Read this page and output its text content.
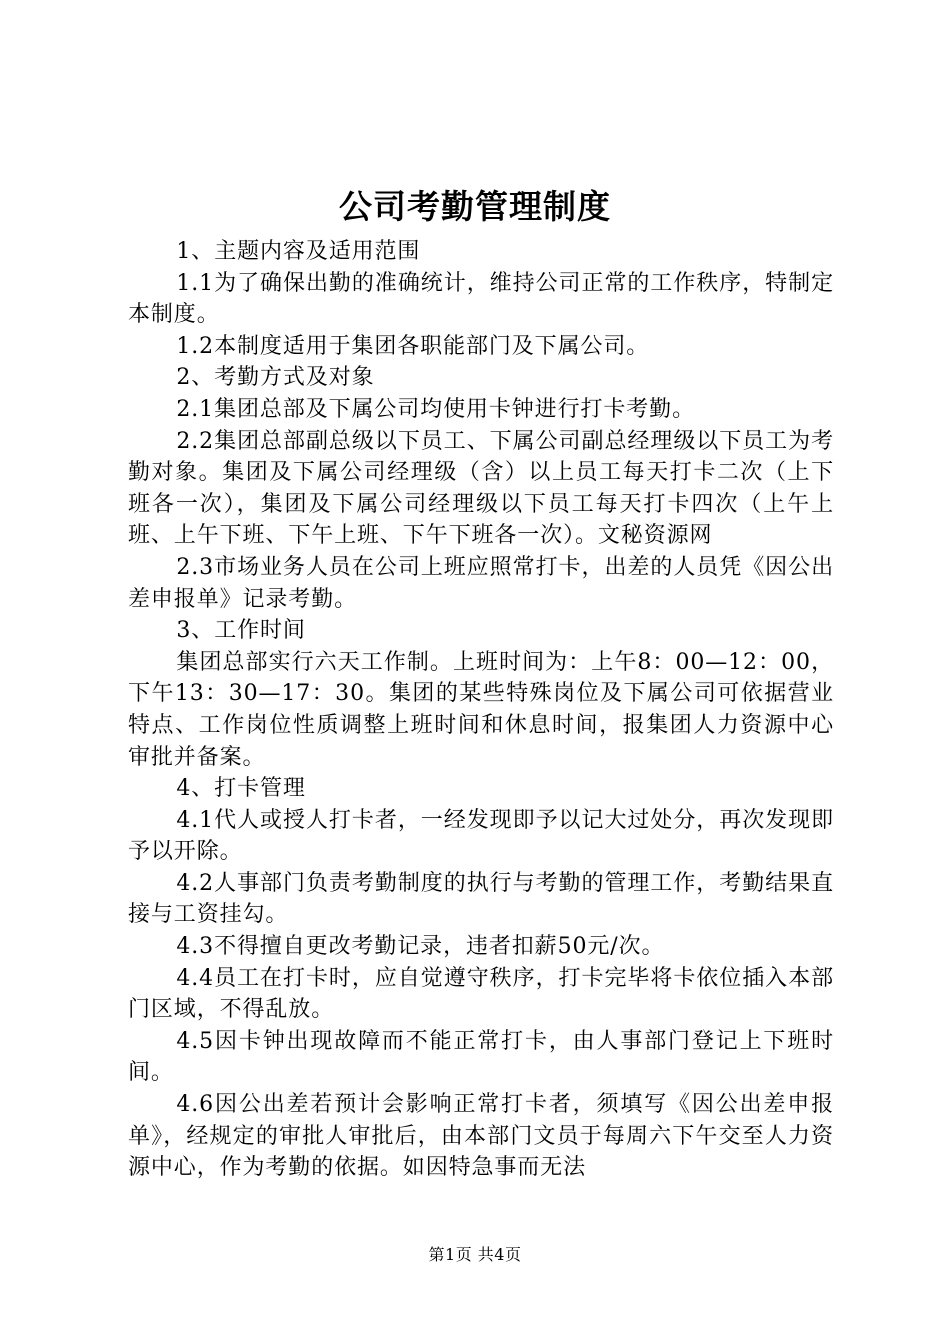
公司考勤管理制度

1、主题内容及适用范围

1.1为了确保出勤的准确统计，维持公司正常的工作秩序，特制定本制度。

1.2本制度适用于集团各职能部门及下属公司。

2、考勤方式及对象

2.1集团总部及下属公司均使用卡钟进行打卡考勤。

2.2集团总部副总级以下员工、下属公司副总经理级以下员工为考勤对象。集团及下属公司经理级（含）以上员工每天打卡二次（上下班各一次），集团及下属公司经理级以下员工每天打卡四次（上午上班、上午下班、下午上班、下午下班各一次）。文秘资源网

2.3市场业务人员在公司上班应照常打卡，出差的人员凭《因公出差申报单》记录考勤。

3、工作时间

集团总部实行六天工作制。上班时间为：上午8：00—12：00，下午13：30—17：30。集团的某些特殊岗位及下属公司可依据营业特点、工作岗位性质调整上班时间和休息时间，报集团人力资源中心审批并备案。

4、打卡管理

4.1代人或授人打卡者，一经发现即予以记大过处分，再次发现即予以开除。

4.2人事部门负责考勤制度的执行与考勤的管理工作，考勤结果直接与工资挂勾。

4.3不得擅自更改考勤记录，违者扣薪50元/次。

4.4员工在打卡时，应自觉遵守秩序，打卡完毕将卡依位插入本部门区域，不得乱放。

4.5因卡钟出现故障而不能正常打卡，由人事部门登记上下班时间。

4.6因公出差若预计会影响正常打卡者，须填写《因公出差申报单》，经规定的审批人审批后，由本部门文员于每周六下午交至人力资源中心，作为考勤的依据。如因特急事而无法

第1页 共4页
